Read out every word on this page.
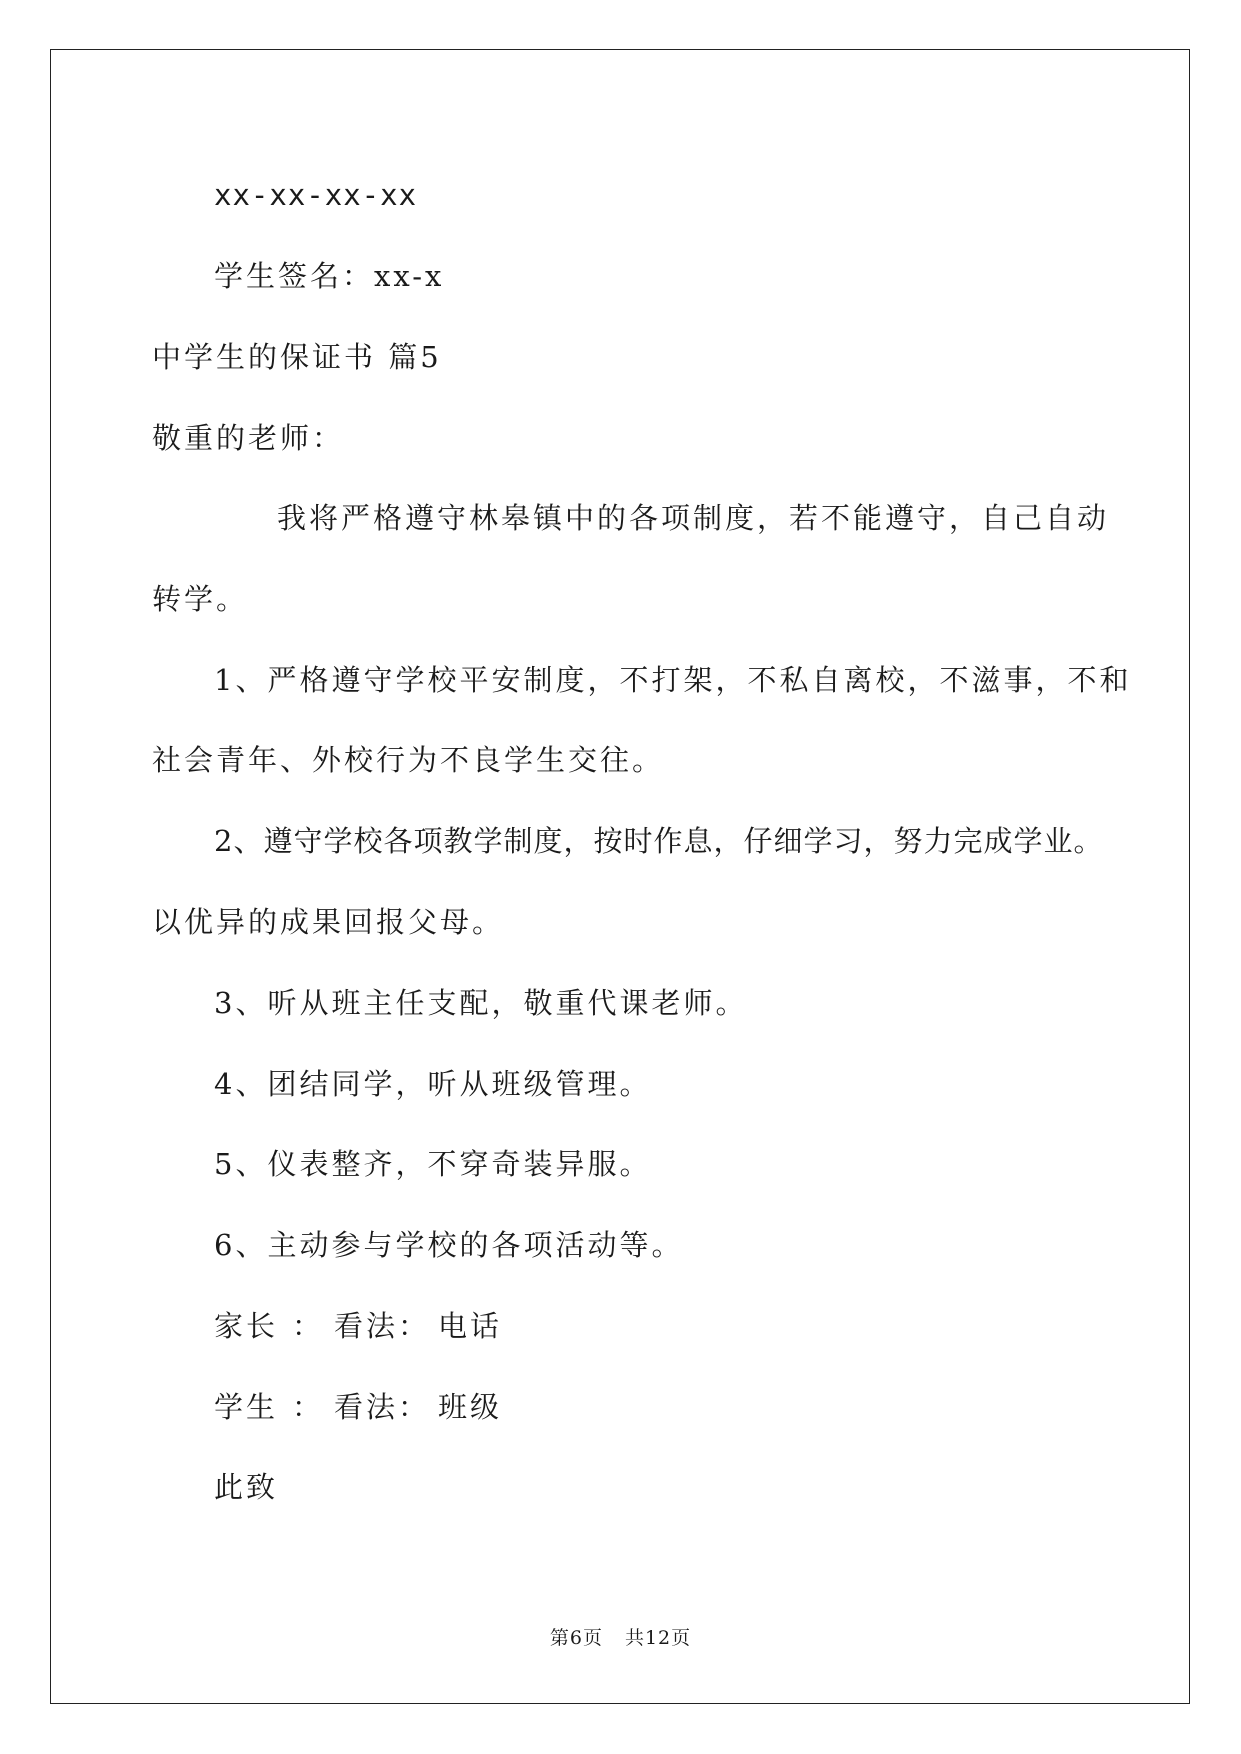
xx-xx-xx-xx
学生签名：xx-x
中学生的保证书 篇5
敬重的老师：
我将严格遵守林皋镇中的各项制度，若不能遵守，自己自动
转学。
1、严格遵守学校平安制度，不打架，不私自离校，不滋事，不和
社会青年、外校行为不良学生交往。
2、遵守学校各项教学制度，按时作息，仔细学习，努力完成学业。
以优异的成果回报父母。
3、听从班主任支配，敬重代课老师。
4、团结同学，听从班级管理。
5、仪表整齐，不穿奇装异服。
6、主动参与学校的各项活动等。
家长 ： 看法： 电话
学生 ： 看法： 班级
此致
第6页 共12页
